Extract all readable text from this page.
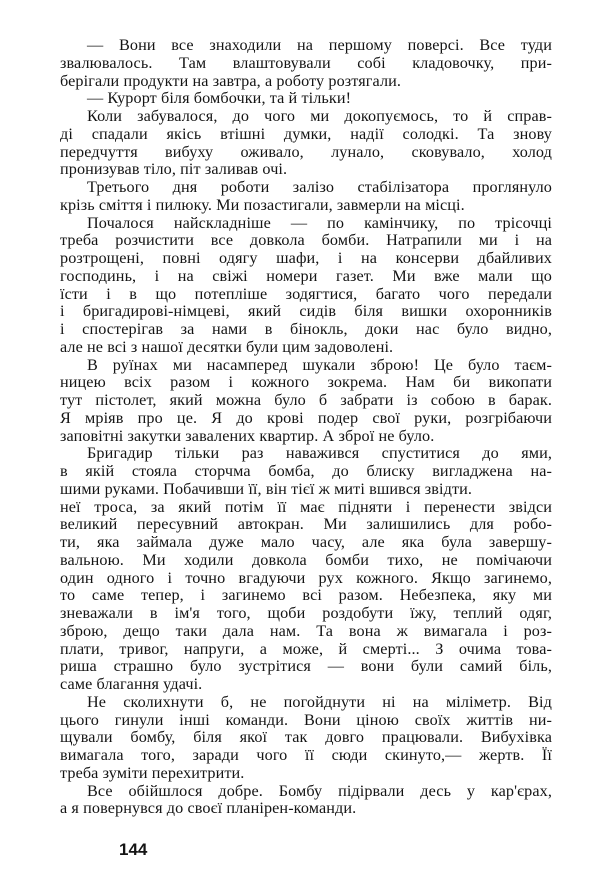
— Вони все знаходили на першому поверсі. Все туди
звалювалось. Там влаштовували собі кладовочку, при-
берігали продукти на завтра, а роботу розтягали.
— Курорт біля бомбочки, та й тільки!
Коли забувалося, до чого ми докопуємось, то й справ-
ді спадали якісь втішні думки, надії солодкі. Та знову
передчуття вибуху оживало, лунало, сковувало, холод
пронизував тіло, піт заливав очі.
Третього дня роботи залізо стабілізатора проглянуло
крізь сміття і пилюку. Ми позастигали, завмерли на місці.
Почалося найскладніше — по камінчику, по трісочці
треба розчистити все довкола бомби. Натрапили ми і на
розтрощені, повні одягу шафи, і на консерви дбайливих
господинь, і на свіжі номери газет. Ми вже мали що
їсти і в що потепліше зодягтися, багато чого передали
і бригадирові-німцеві, який сидів біля вишки охоронників
і спостерігав за нами в бінокль, доки нас було видно,
але не всі з нашої десятки були цим задоволені.
В руїнах ми насамперед шукали зброю! Це було таєм-
ницею всіх разом і кожного зокрема. Нам би викопати
тут пістолет, який можна було б забрати із собою в барак.
Я мріяв про це. Я до крові подер свої руки, розгрібаючи
заповітні закутки завалених квартир. А зброї не було.
Бригадир тільки раз наважився спуститися до ями,
в якій стояла сторчма бомба, до блиску вигладжена на-
шими руками. Побачивши її, він тієї ж миті вшився звідти.
неї троса, за який потім її має підняти і перенести звідси
великий пересувний автокран. Ми залишились для робо-
ти, яка займала дуже мало часу, але яка була завершу-
вальною. Ми ходили довкола бомби тихо, не помічаючи
один одного і точно вгадуючи рух кожного. Якщо загинемо,
то саме тепер, і загинемо всі разом. Небезпека, яку ми
зневажали в ім'я того, щоби роздобути їжу, теплий одяг,
зброю, дещо таки дала нам. Та вона ж вимагала і роз-
плати, тривог, напруги, а може, й смерті... З очима това-
риша страшно було зустрітися — вони були самий біль,
саме благання удачі.
Не сколихнути б, не погойднути ні на міліметр. Від
цього гинули інші команди. Вони ціною своїх життів ни-
щували бомбу, біля якої так довго працювали. Вибухівка
вимагала того, заради чого її сюди скинуто,— жертв. Її
треба зуміти перехитрити.
Все обійшлося добре. Бомбу підірвали десь у кар'єрах,
а я повернувся до своєї планірен-команди.
144
